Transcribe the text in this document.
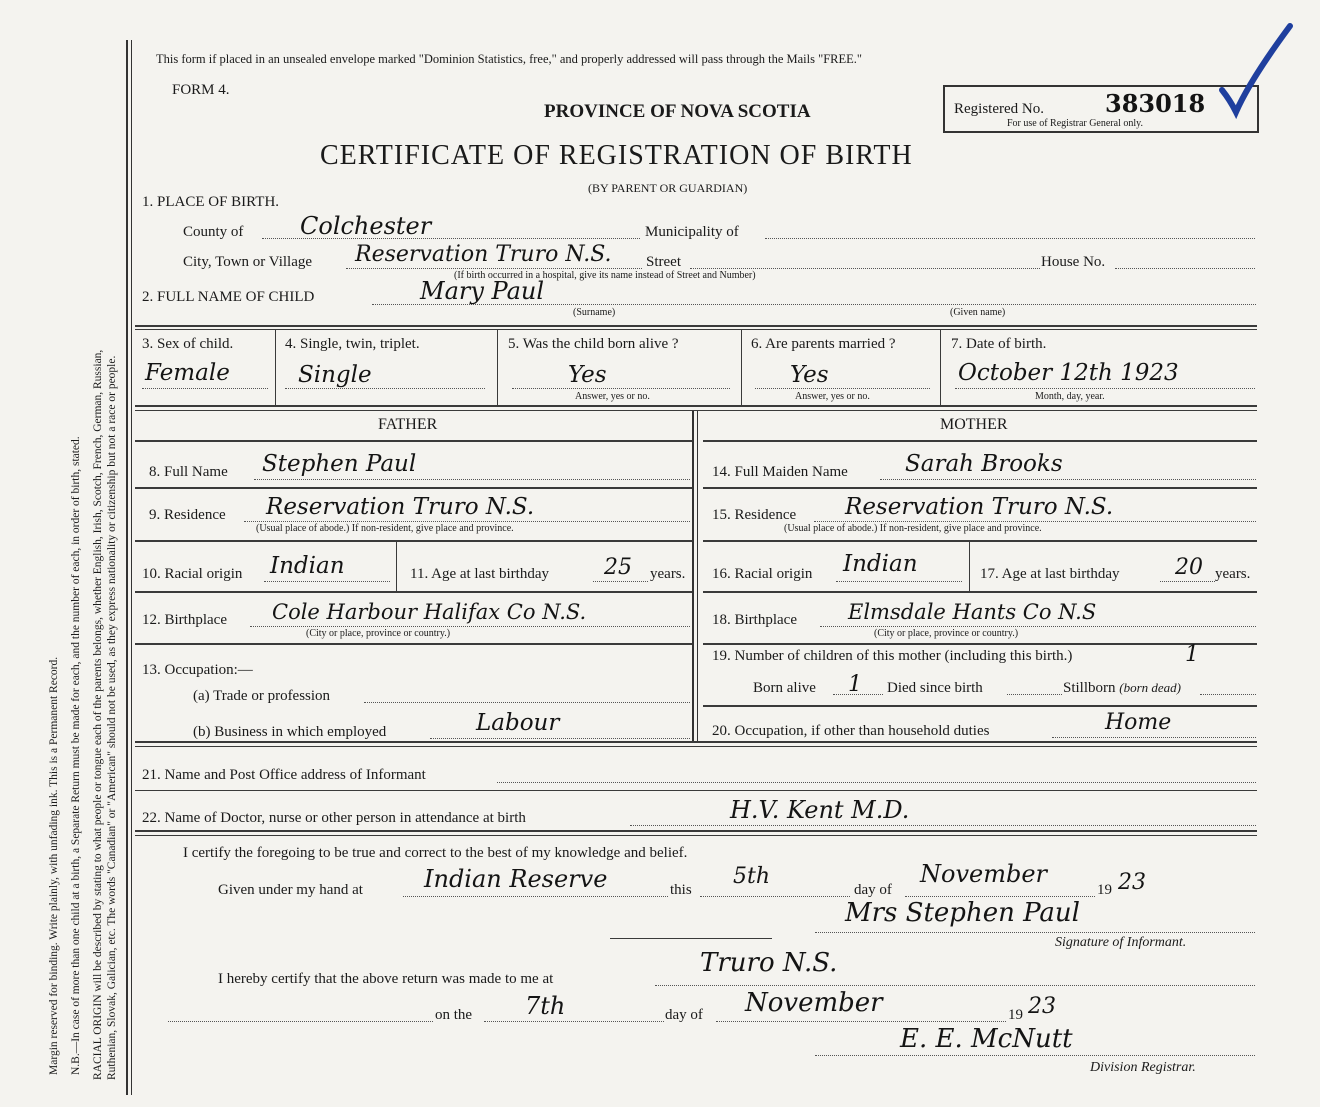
Margin reserved for binding. Write plainly, with unfading ink. This is a Permanent Record. N.B.—In case of more than one child at a birth, a Separate Return must be made for each, and the number of each, in order of birth, stated. RACIAL ORIGIN will be described by stating to what people or tongue each of the parents belongs, whether English, Irish, Scotch, French, German, Russian, Ruthenian, Slovak, Galician, etc. The words "Canadian" or "American" should not be used, as they express nationality or citizenship but not a race or people.
This form if placed in an unsealed envelope marked "Dominion Statistics, free," and properly addressed will pass through the Mails "FREE."
FORM 4.
PROVINCE OF NOVA SCOTIA	Registered No.	383018
For use of Registrar General only.
CERTIFICATE OF REGISTRATION OF BIRTH
(BY PARENT OR GUARDIAN)
1. PLACE OF BIRTH.
County of Colchester	Municipality of
City, Town or Village Reservation Truro N.S. Street	House No.
(If birth occurred in a hospital, give its name instead of Street and Number)
2. FULL NAME OF CHILD	Mary Paul
(Surname)	(Given name)
3. Sex of child.
Female
4. Single, twin, triplet.
Single
5. Was the child born alive ?
Yes
Answer, yes or no.
6. Are parents married ?
Yes
Answer, yes or no.
7. Date of birth.
October 12th 1923
Month, day, year.
FATHER	MOTHER
8. Full Name Stephen Paul
9. Residence Reservation Truro N.S.
(Usual place of abode.) If non-resident, give place and province.
10. Racial origin Indian	11. Age at last birthday	25 years.
12. Birthplace Cole Harbour Halifax Co N.S.
(City or place, province or country.)
13. Occupation:—
(a) Trade or profession
(b) Business in which employed	Labour
14. Full Maiden Name Sarah Brooks
15. Residence Reservation Truro N.S.
(Usual place of abode.) If non-resident, give place and province.
16. Racial origin Indian	17. Age at last birthday	20 years.
18. Birthplace Elmsdale Hants Co N.S
(City or place, province or country.)
19. Number of children of this mother (including this birth.)	1
Born alive 1 Died since birth	Stillborn (born dead)
20. Occupation, if other than household duties	Home
21. Name and Post Office address of Informant
22. Name of Doctor, nurse or other person in attendance at birth	H.V. Kent M.D.
I certify the foregoing to be true and correct to the best of my knowledge and belief.
Given under my hand at	Indian Reserve	this
5th
day of
November
19 23
Mrs Stephen Paul
Signature of Informant.
I hereby certify that the above return was made to me at
Truro N.S.
on the 7th	day of November	19 23
E. E. McNutt
Division Registrar.
